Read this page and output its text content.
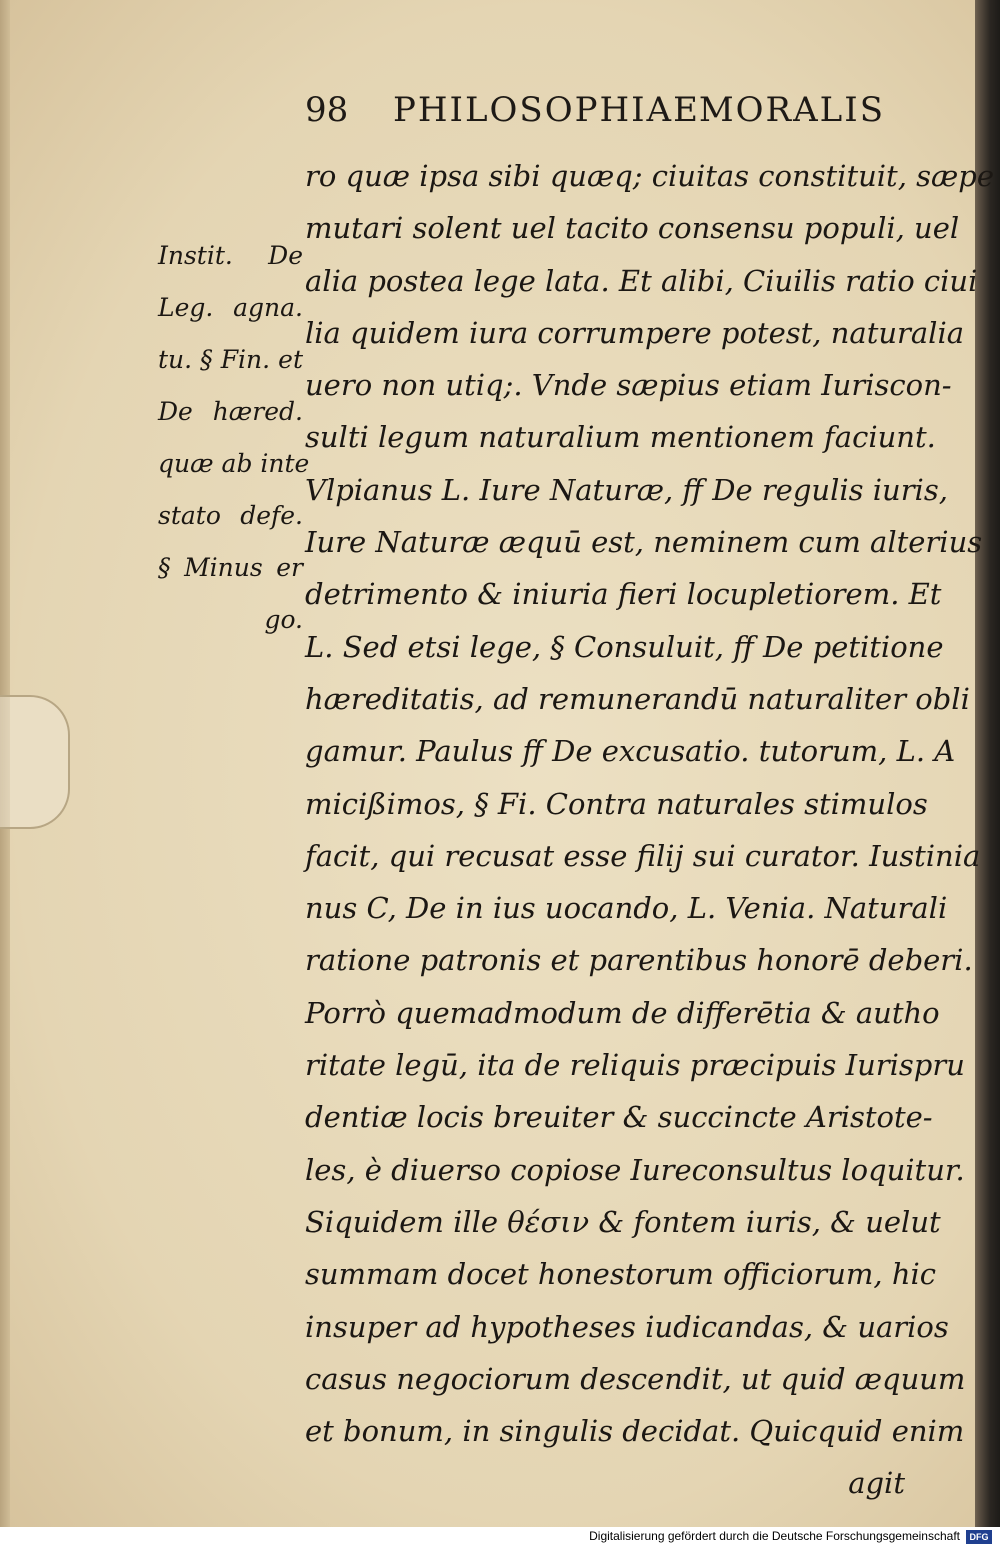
98 PHILOSOPHIAE
MORALIS
Instit. De
Leg. agna.
tu. § Fin. et
De hæred.
quæ ab inte
stato defe.
§ Minus er
go.
ro quæ ipsa sibi quæq; ciuitas constituit, sæpe
mutari solent uel tacito consensu populi, uel
alia postea lege lata. Et alibi, Ciuilis ratio ciui
lia quidem iura corrumpere potest, naturalia
uero non utiq;. Vnde sæpius etiam Iuriscon-
sulti legum naturalium mentionem faciunt.
Vlpianus L. Iure Naturæ, ff De regulis iuris,
Iure Naturæ æquū est, neminem cum alterius
detrimento & iniuria fieri locupletiorem. Et
L. Sed etsi lege, § Consuluit, ff De petitione
hæreditatis, ad remunerandū naturaliter obli
gamur. Paulus ff De excusatio. tutorum, L. A
micißimos, § Fi. Contra naturales stimulos
facit, qui recusat esse filij sui curator. Iustinia
nus C, De in ius uocando, L. Venia. Naturali
ratione patronis et parentibus honorē deberi.
Porrò quemadmodum de differētia & autho
ritate legū, ita de reliquis præcipuis Iurispru
dentiæ locis breuiter & succincte Aristote-
les, è diuerso copiose Iureconsultus loquitur.
Siquidem ille θέσιν & fontem iuris, & uelut
summam docet honestorum officiorum, hic
insuper ad hypotheses iudicandas, & uarios
casus negociorum descendit, ut quid æquum
et bonum, in singulis decidat. Quicquid enim
agit
Digitalisierung gefördert durch die Deutsche Forschungsgemeinschaft	DFG
